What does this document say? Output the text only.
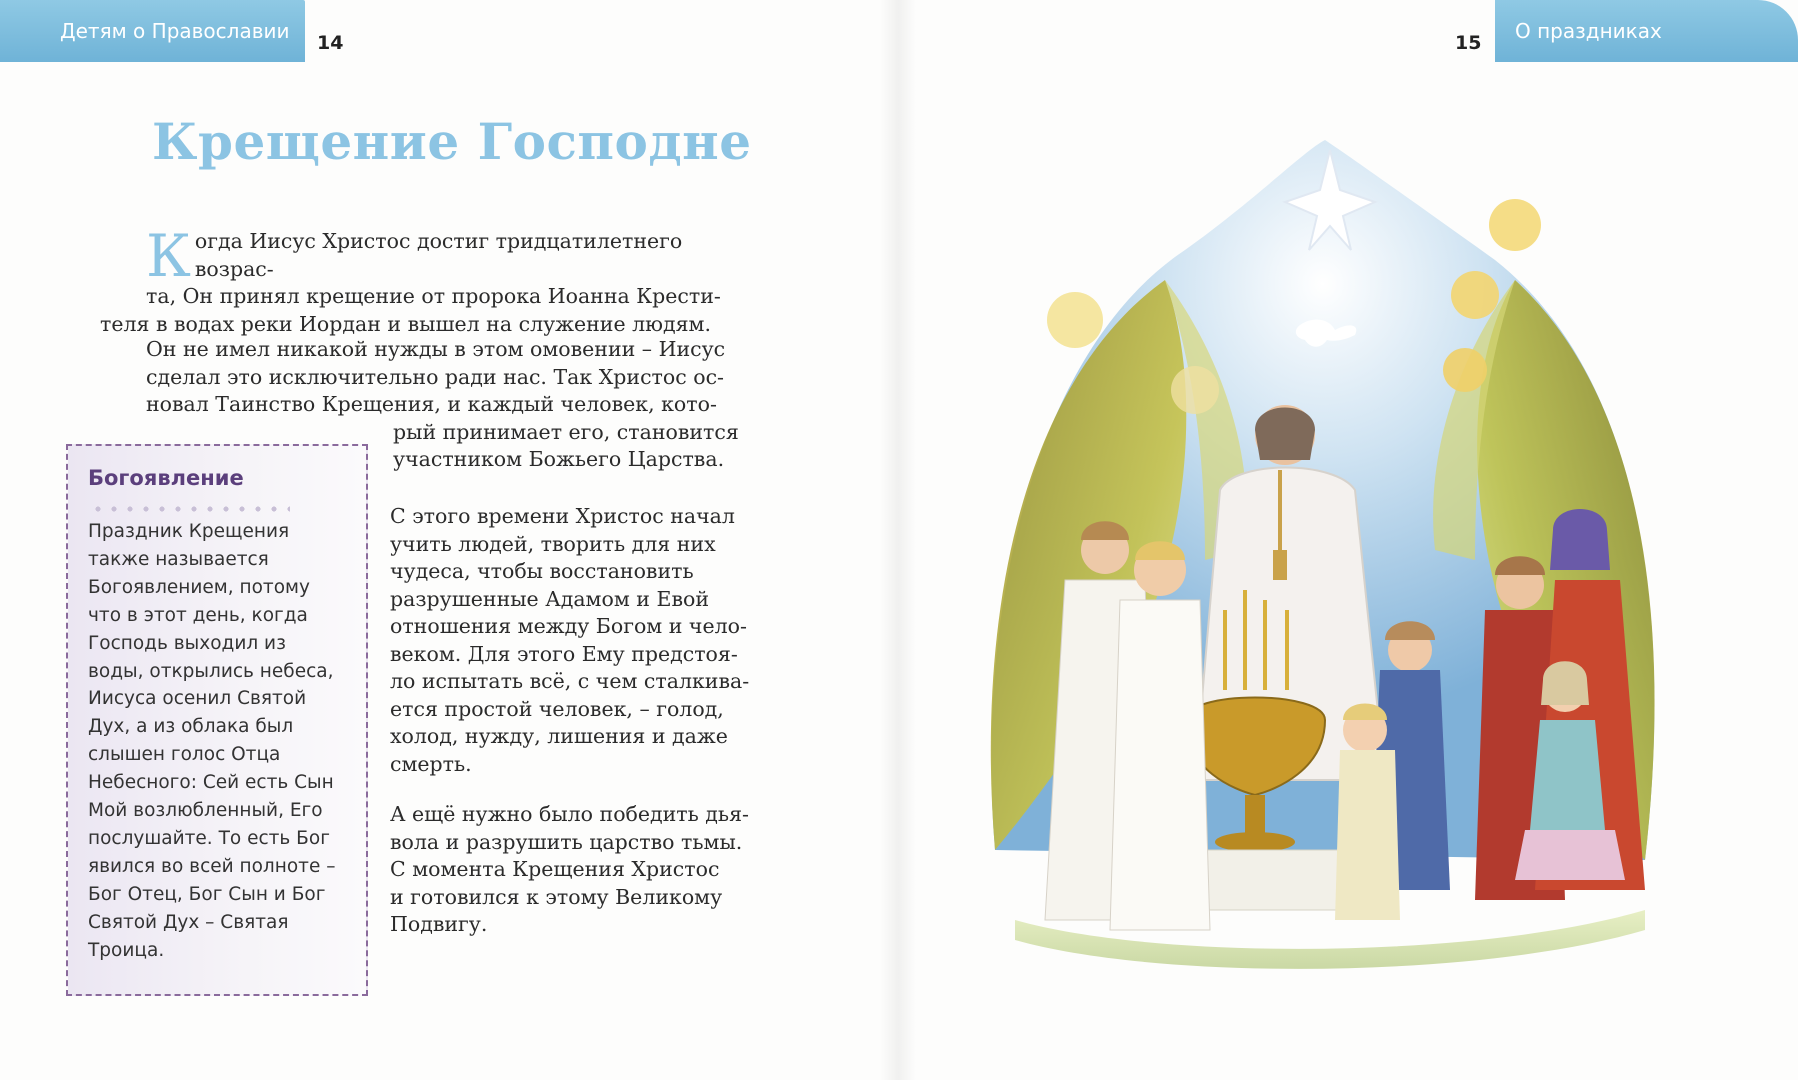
Детям о Православии 14	15 О праздниках
Крещение Господне
К огда Иисус Христос достиг тридцатилетнего возрас-
та, Он принял крещение от пророка Иоанна Крести-
теля в водах реки Иордан и вышел на служение людям.
Он не имел никакой нужды в этом омовении – Иисус
сделал это исключительно ради нас. Так Христос ос-
новал Таинство Крещения, и каждый человек, кото-
рый принимает его, становится
участником Божьего Царства.
С этого времени Христос начал
учить людей, творить для них
чудеса, чтобы восстановить
разрушенные Адамом и Евой
отношения между Богом и чело-
веком. Для этого Ему предстоя-
ло испытать всё, с чем сталкива-
ется простой человек, – голод,
холод, нужду, лишения и даже
смерть.
А ещё нужно было победить дья-
вола и разрушить царство тьмы.
С момента Крещения Христос
и готовился к этому Великому
Подвигу.
Богоявление

Праздник Крещения
также называется
Богоявлением, потому
что в этот день, когда
Господь выходил из
воды, открылись небеса,
Иисуса осенил Святой
Дух, а из облака был
слышен голос Отца
Небесного: Сей есть Сын
Мой возлюбленный, Его
послушайте. То есть Бог
явился во всей полноте –
Бог Отец, Бог Сын и Бог
Святой Дух – Святая
Троица.
